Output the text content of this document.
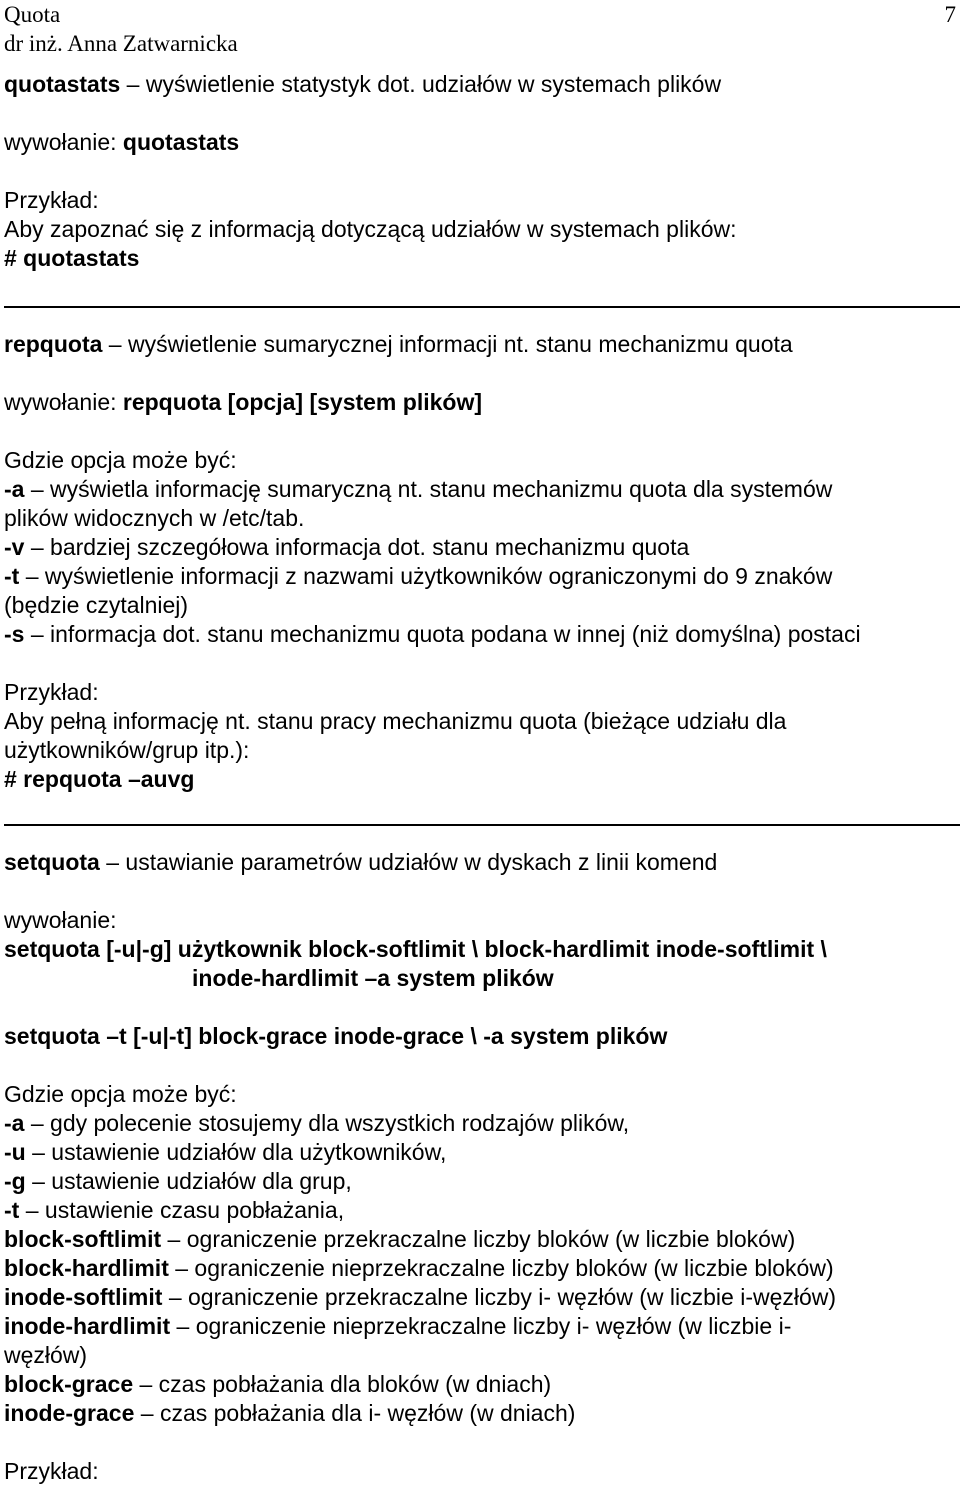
Quota
dr inż. Anna Zatwarnicka
7
quotastats – wyświetlenie statystyk dot. udziałów w systemach plików
wywołanie: quotastats
Przykład:
Aby zapoznać się z informacją dotyczącą udziałów w systemach plików:
# quotastats
repquota – wyświetlenie sumarycznej informacji nt. stanu mechanizmu quota
wywołanie: repquota [opcja] [system plików]
Gdzie opcja może być:
-a – wyświetla informację sumaryczną nt. stanu mechanizmu quota dla systemów
plików widocznych w /etc/tab.
-v – bardziej szczegółowa informacja dot. stanu mechanizmu quota
-t – wyświetlenie informacji z nazwami użytkowników ograniczonymi do 9 znaków
(będzie czytalniej)
-s – informacja dot. stanu mechanizmu quota podana w innej (niż domyślna) postaci
Przykład:
Aby pełną informację nt. stanu pracy mechanizmu quota (bieżące udziału dla
użytkowników/grup itp.):
# repquota –auvg
setquota – ustawianie parametrów udziałów w dyskach z linii komend
wywołanie:
setquota [-u|-g] użytkownik block-softlimit \ block-hardlimit inode-softlimit \
inode-hardlimit –a system plików
setquota –t [-u|-t] block-grace inode-grace \ -a system plików
Gdzie opcja może być:
-a – gdy polecenie stosujemy dla wszystkich rodzajów plików,
-u – ustawienie udziałów dla użytkowników,
-g – ustawienie udziałów dla grup,
-t – ustawienie czasu pobłażania,
block-softlimit – ograniczenie przekraczalne liczby bloków (w liczbie bloków)
block-hardlimit – ograniczenie nieprzekraczalne liczby bloków (w liczbie bloków)
inode-softlimit – ograniczenie przekraczalne liczby i- węzłów (w liczbie i-węzłów)
inode-hardlimit – ograniczenie nieprzekraczalne liczby i- węzłów (w liczbie i-
węzłów)
block-grace – czas pobłażania dla bloków (w dniach)
inode-grace – czas pobłażania dla i- węzłów (w dniach)
Przykład:
